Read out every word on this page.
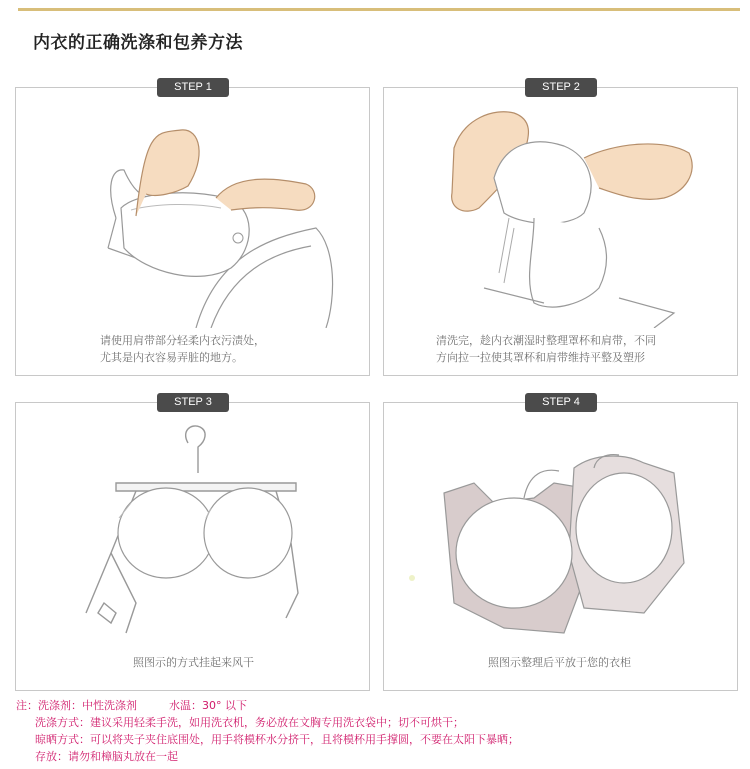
内衣的正确洗涤和包养方法
请使用肩带部分轻柔内衣污渍处，
尤其是内衣容易弄脏的地方。
STEP 1
清洗完，趁内衣潮湿时整理罩杯和肩带，不同
方向拉一拉使其罩杯和肩带维持平整及塑形
STEP 2
照图示的方式挂起来风干
STEP 3
照图示整理后平放于您的衣柜
STEP 4
注：洗涤剂：中性洗涤剂	水温：30° 以下
洗涤方式：建议采用轻柔手洗，如用洗衣机，务必放在文胸专用洗衣袋中；切不可烘干；
晾晒方式：可以将夹子夹住底围处，用手将模杯水分挤干，且将模杯用手撑圆，不要在太阳下暴晒；
存放：请勿和樟脑丸放在一起
